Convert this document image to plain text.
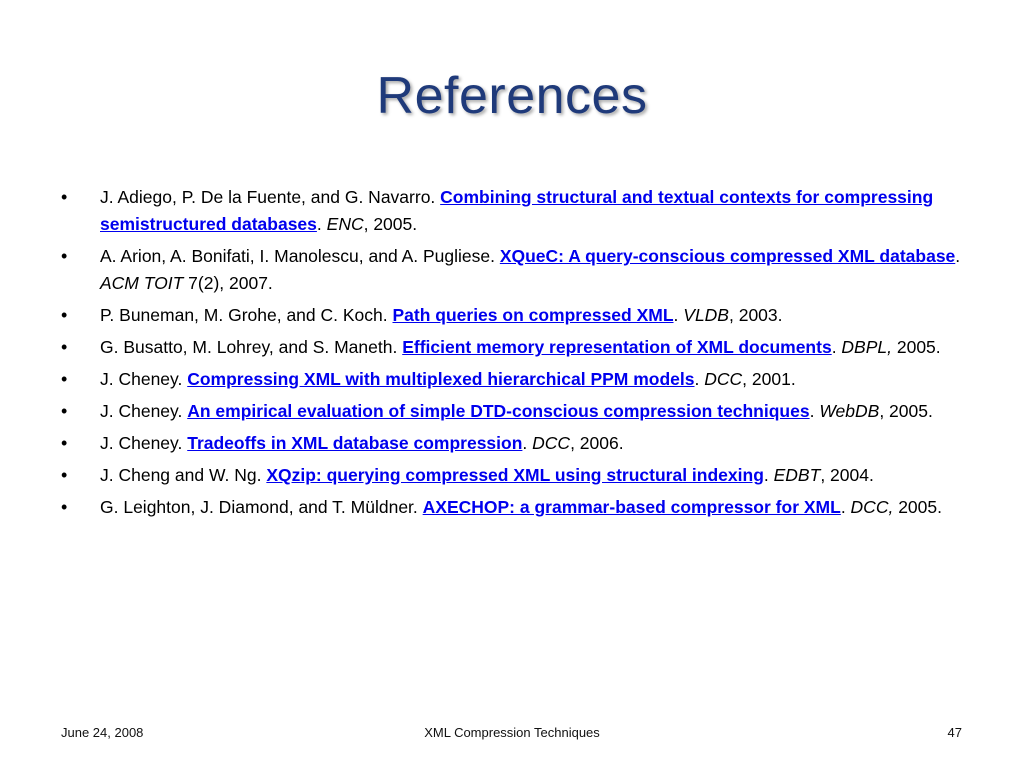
References
• J. Adiego, P. De la Fuente, and G. Navarro. Combining structural and textual contexts for compressing semistructured databases. ENC, 2005.
• A. Arion, A. Bonifati, I. Manolescu, and A. Pugliese. XQueC: A query-conscious compressed XML database. ACM TOIT 7(2), 2007.
• P. Buneman, M. Grohe, and C. Koch. Path queries on compressed XML. VLDB, 2003.
• G. Busatto, M. Lohrey, and S. Maneth. Efficient memory representation of XML documents. DBPL, 2005.
• J. Cheney. Compressing XML with multiplexed hierarchical PPM models. DCC, 2001.
• J. Cheney. An empirical evaluation of simple DTD-conscious compression techniques. WebDB, 2005.
• J. Cheney. Tradeoffs in XML database compression. DCC, 2006.
• J. Cheng and W. Ng. XQzip: querying compressed XML using structural indexing. EDBT, 2004.
• G. Leighton, J. Diamond, and T. Müldner. AXECHOP: a grammar-based compressor for XML. DCC, 2005.
June 24, 2008	XML Compression Techniques	47
